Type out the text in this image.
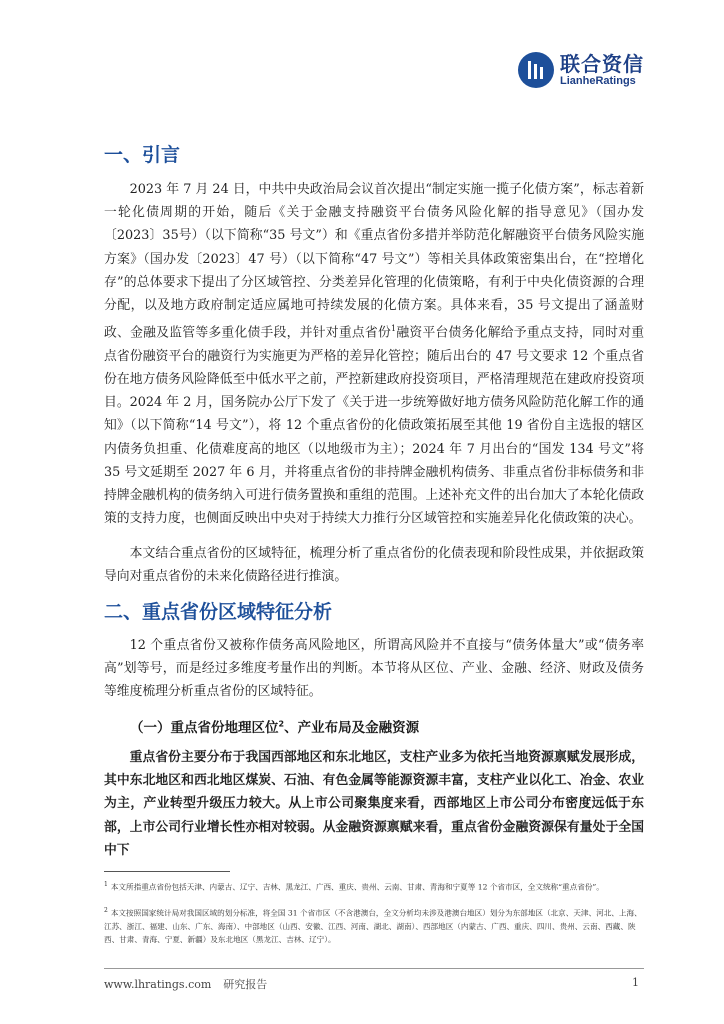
联合资信
LianheRatings
一、引言

2023 年 7 月 24 日，中共中央政治局会议首次提出“制定实施一揽子化债方案”，标志着新一轮化债周期的开始，随后《关于金融支持融资平台债务风险化解的指导意见》（国办发〔2023〕35号）（以下简称“35 号文”）和《重点省份多措并举防范化解融资平台债务风险实施方案》（国办发〔2023〕47 号）（以下简称“47 号文”）等相关具体政策密集出台，在“控增化存”的总体要求下提出了分区域管控、分类差异化管理的化债策略，有利于中央化债资源的合理分配，以及地方政府制定适应属地可持续发展的化债方案。具体来看，35 号文提出了涵盖财政、金融及监管等多重化债手段，并针对重点省份$^1$融资平台债务化解给予重点支持，同时对重点省份融资平台的融资行为实施更为严格的差异化管控；随后出台的 47 号文要求 12 个重点省份在地方债务风险降低至中低水平之前，严控新建政府投资项目，严格清理规范在建政府投资项目。2024 年 2 月，国务院办公厅下发了《关于进一步统筹做好地方债务风险防范化解工作的通知》（以下简称“14 号文”），将 12 个重点省份的化债政策拓展至其他 19 省份自主选报的辖区内债务负担重、化债难度高的地区（以地级市为主）；2024 年 7 月出台的“国发 134 号文”将 35 号文延期至 2027 年 6 月，并将重点省份的非持牌金融机构债务、非重点省份非标债务和非持牌金融机构的债务纳入可进行债务置换和重组的范围。上述补充文件的出台加大了本轮化债政策的支持力度，也侧面反映出中央对于持续大力推行分区域管控和实施差异化化债政策的决心。

本文结合重点省份的区域特征，梳理分析了重点省份的化债表现和阶段性成果，并依据政策导向对重点省份的未来化债路径进行推演。

二、重点省份区域特征分析

12 个重点省份又被称作债务高风险地区，所谓高风险并不直接与“债务体量大”或“债务率高”划等号，而是经过多维度考量作出的判断。本节将从区位、产业、金融、经济、财政及债务等维度梳理分析重点省份的区域特征。

（一）重点省份地理区位$^2$、产业布局及金融资源

重点省份主要分布于我国西部地区和东北地区，支柱产业多为依托当地资源禀赋发展形成，其中东北地区和西北地区煤炭、石油、有色金属等能源资源丰富，支柱产业以化工、冶金、农业为主，产业转型升级压力较大。从上市公司聚集度来看，西部地区上市公司分布密度远低于东部，上市公司行业增长性亦相对较弱。从金融资源禀赋来看，重点省份金融资源保有量处于全国中下

$^1$ 本文所指重点省份包括天津、内蒙古、辽宁、吉林、黑龙江、广西、重庆、贵州、云南、甘肃、青海和宁夏等 12 个省市区，全文统称“重点省份”。

$^2$ 本文按照国家统计局对我国区域的划分标准，将全国 31 个省市区（不含港澳台，全文分析均未涉及港澳台地区）划分为东部地区（北京、天津、河北、上海、江苏、浙江、福建、山东、广东、海南）、中部地区（山西、安徽、江西、河南、湖北、湖南）、西部地区（内蒙古、广西、重庆、四川、贵州、云南、西藏、陕西、甘肃、青海、宁夏、新疆）及东北地区（黑龙江、吉林、辽宁）。

www.lhratings.com 研究报告	1
